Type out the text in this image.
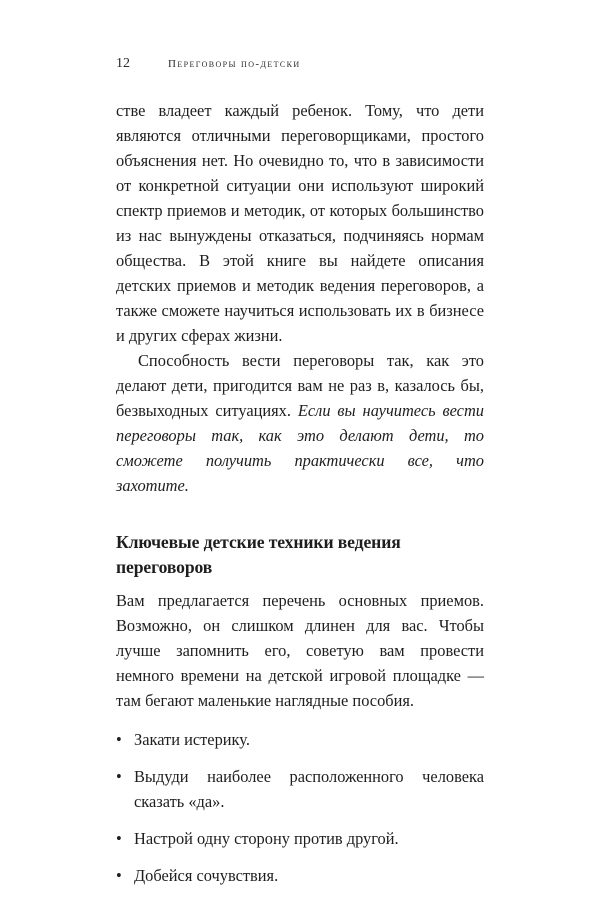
12	Переговоры по-детски

стве владеет каждый ребенок. Тому, что дети являются отличными переговорщиками, простого объяснения нет. Но очевидно то, что в зависимости от конкретной ситуации они используют широкий спектр приемов и методик, от которых большинство из нас вынуждены отказаться, подчиняясь нормам общества. В этой книге вы найдете описания детских приемов и методик ведения переговоров, а также сможете научиться использовать их в бизнесе и других сферах жизни.

Способность вести переговоры так, как это делают дети, пригодится вам не раз в, казалось бы, безвыходных ситуациях. Если вы научитесь вести переговоры так, как это делают дети, то сможете получить практически все, что захотите.

Ключевые детские техники ведения переговоров

Вам предлагается перечень основных приемов. Возможно, он слишком длинен для вас. Чтобы лучше запомнить его, советую вам провести немного времени на детской игровой площадке — там бегают маленькие наглядные пособия.

• Закати истерику.
• Выдуди наиболее расположенного человека сказать «да».
• Настрой одну сторону против другой.
• Добейся сочувствия.
